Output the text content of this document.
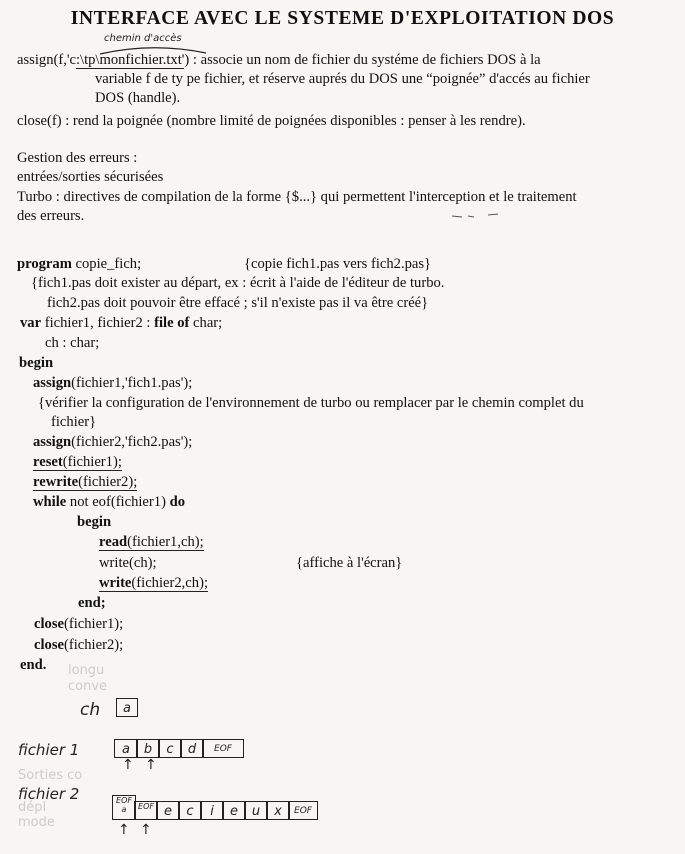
INTERFACE AVEC LE SYSTEME D'EXPLOITATION DOS
chemin d'accès
assign(f,'c:\tp\monfichier.txt') : associe un nom de fichier du systéme de fichiers DOS à la
variable f de ty pe fichier, et réserve auprés du DOS une “poignée” d'accés au fichier
DOS (handle).
close(f) : rend la poignée (nombre limité de poignées disponibles : penser à les rendre).
Gestion des erreurs :
entrées/sorties sécurisées
Turbo : directives de compilation de la forme {$...} qui permettent l'interception et le traitement
des erreurs.
program copie_fich;	{copie fich1.pas vers fich2.pas}
{fich1.pas doit exister au départ, ex : écrit à l'aide de l'éditeur de turbo.
fich2.pas doit pouvoir être effacé ; s'il n'existe pas il va être créé}
var fichier1, fichier2 : file of char;
ch : char;
begin
assign(fichier1,'fich1.pas');
{vérifier la configuration de l'environnement de turbo ou remplacer par le chemin complet du
fichier}
assign(fichier2,'fich2.pas');
reset(fichier1);
rewrite(fichier2);
while not eof(fichier1) do
begin
read(fichier1,ch);
write(ch);	{affiche à l'écran}
write(fichier2,ch);
end;
close(fichier1);
close(fichier2);
end. longu
conve
Sorties co
dépl
mode
ch	a
fichier 1	a	b	c	d	EOF
↑ ↑
fichier 2	EOF a	EOF e	c	i	e	u	x	EOF
↑ ↑
